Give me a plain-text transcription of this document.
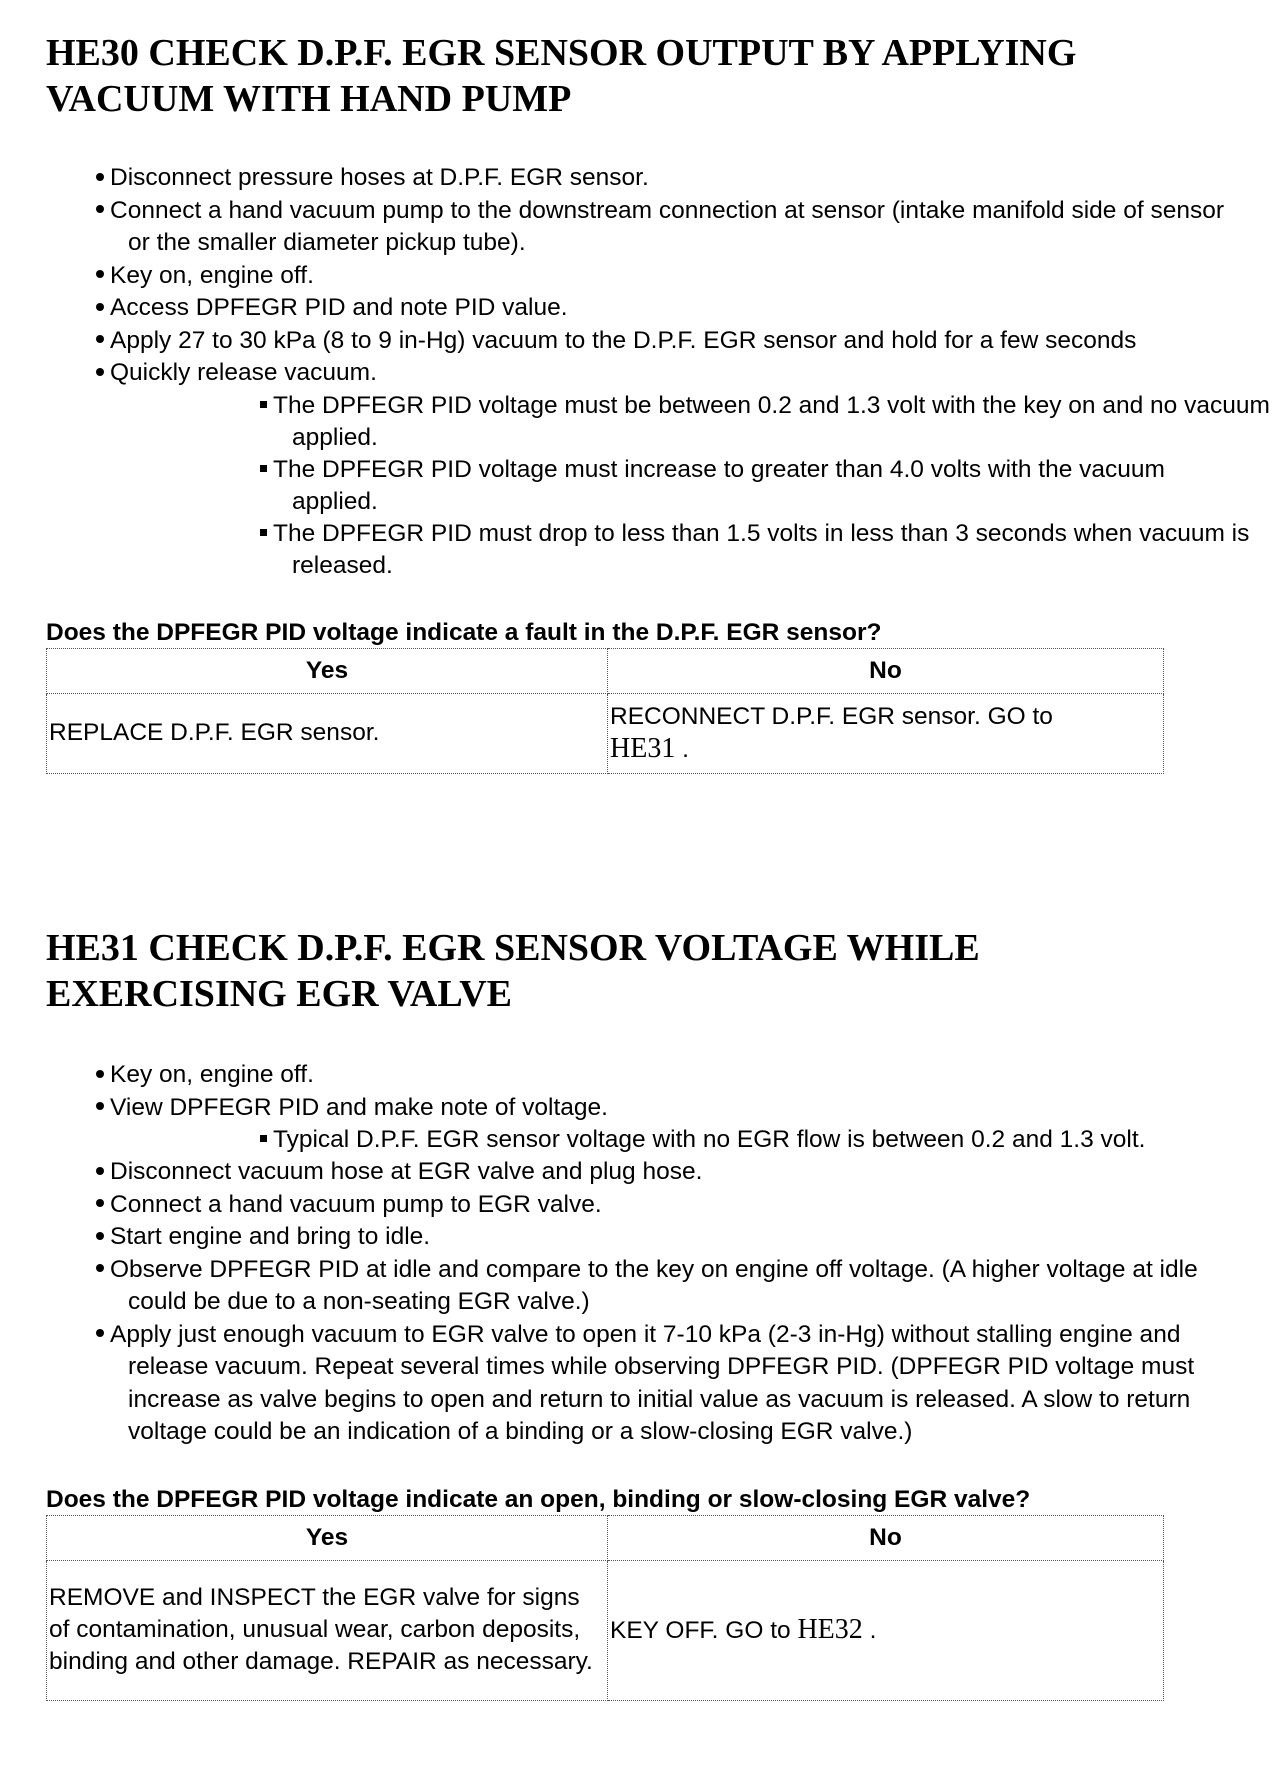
HE30 CHECK D.P.F. EGR SENSOR OUTPUT BY APPLYING VACUUM WITH HAND PUMP
Disconnect pressure hoses at D.P.F. EGR sensor.
Connect a hand vacuum pump to the downstream connection at sensor (intake manifold side of sensor or the smaller diameter pickup tube).
Key on, engine off.
Access DPFEGR PID and note PID value.
Apply 27 to 30 kPa (8 to 9 in-Hg) vacuum to the D.P.F. EGR sensor and hold for a few seconds
Quickly release vacuum.
The DPFEGR PID voltage must be between 0.2 and 1.3 volt with the key on and no vacuum applied.
The DPFEGR PID voltage must increase to greater than 4.0 volts with the vacuum applied.
The DPFEGR PID must drop to less than 1.5 volts in less than 3 seconds when vacuum is released.

Does the DPFEGR PID voltage indicate a fault in the D.P.F. EGR sensor?

Yes	No
REPLACE D.P.F. EGR sensor.	RECONNECT D.P.F. EGR sensor. GO to
HE31 .
HE31 CHECK D.P.F. EGR SENSOR VOLTAGE WHILE EXERCISING EGR VALVE
Key on, engine off.
View DPFEGR PID and make note of voltage.
Typical D.P.F. EGR sensor voltage with no EGR flow is between 0.2 and 1.3 volt.
Disconnect vacuum hose at EGR valve and plug hose.
Connect a hand vacuum pump to EGR valve.
Start engine and bring to idle.
Observe DPFEGR PID at idle and compare to the key on engine off voltage. (A higher voltage at idle could be due to a non-seating EGR valve.)
Apply just enough vacuum to EGR valve to open it 7-10 kPa (2-3 in-Hg) without stalling engine and release vacuum. Repeat several times while observing DPFEGR PID. (DPFEGR PID voltage must increase as valve begins to open and return to initial value as vacuum is released. A slow to return voltage could be an indication of a binding or a slow-closing EGR valve.)

Does the DPFEGR PID voltage indicate an open, binding or slow-closing EGR valve?

Yes	No
REMOVE and INSPECT the EGR valve for signs of contamination, unusual wear, carbon deposits, binding and other damage. REPAIR as necessary.	KEY OFF. GO to HE32 .
